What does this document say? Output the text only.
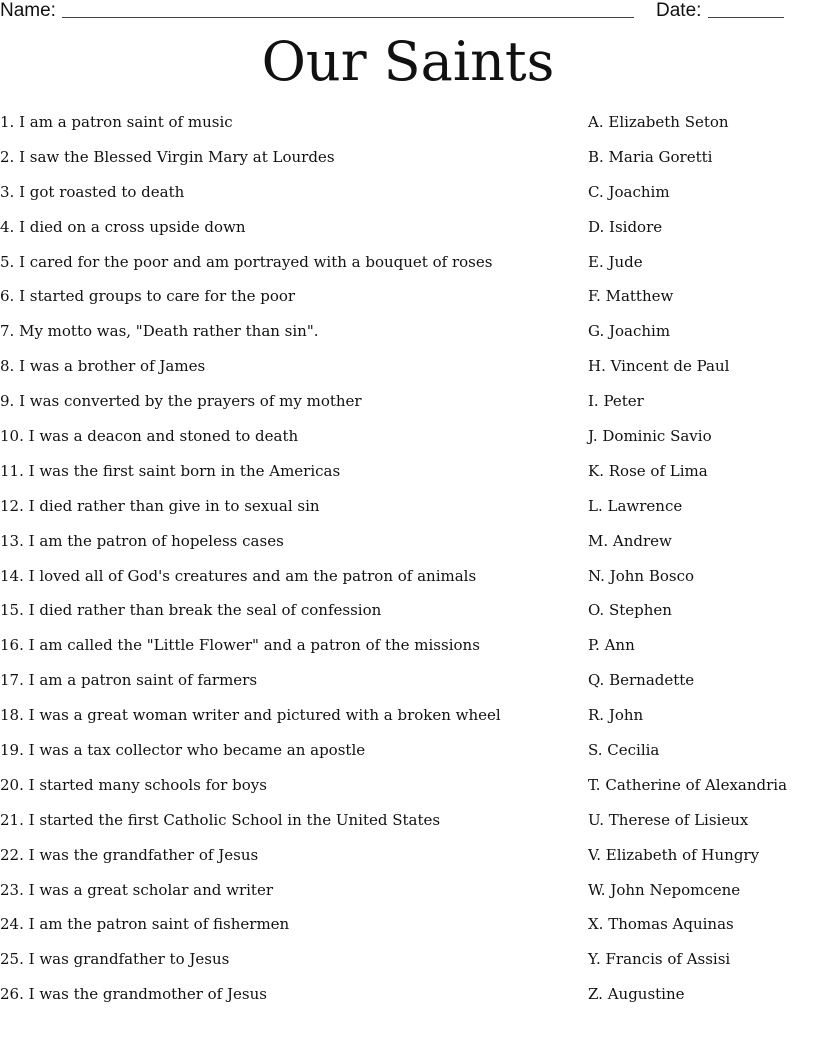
Name:	Date:
Our Saints
1. I am a patron saint of music
2. I saw the Blessed Virgin Mary at Lourdes
3. I got roasted to death
4. I died on a cross upside down
5. I cared for the poor and am portrayed with a bouquet of roses
6. I started groups to care for the poor
7. My motto was, "Death rather than sin".
8. I was a brother of James
9. I was converted by the prayers of my mother
10. I was a deacon and stoned to death
11. I was the first saint born in the Americas
12. I died rather than give in to sexual sin
13. I am the patron of hopeless cases
14. I loved all of God's creatures and am the patron of animals
15. I died rather than break the seal of confession
16. I am called the "Little Flower" and a patron of the missions
17. I am a patron saint of farmers
18. I was a great woman writer and pictured with a broken wheel
19. I was a tax collector who became an apostle
20. I started many schools for boys
21. I started the first Catholic School in the United States
22. I was the grandfather of Jesus
23. I was a great scholar and writer
24. I am the patron saint of fishermen
25. I was grandfather to Jesus
26. I was the grandmother of Jesus
A. Elizabeth Seton
B. Maria Goretti
C. Joachim
D. Isidore
E. Jude
F. Matthew
G. Joachim
H. Vincent de Paul
I. Peter
J. Dominic Savio
K. Rose of Lima
L. Lawrence
M. Andrew
N. John Bosco
O. Stephen
P. Ann
Q. Bernadette
R. John
S. Cecilia
T. Catherine of Alexandria
U. Therese of Lisieux
V. Elizabeth of Hungry
W. John Nepomcene
X. Thomas Aquinas
Y. Francis of Assisi
Z. Augustine
